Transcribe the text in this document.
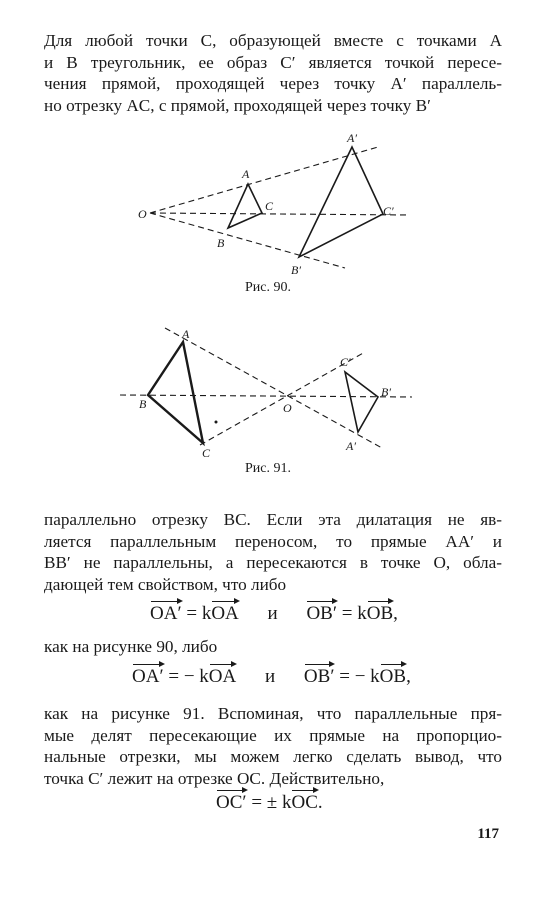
Для любой точки C, образующей вместе с точками A
и B треугольник, ее образ C′ является точкой пересе-
чения прямой, проходящей через точку A′ параллель-
но отрезку AC, с прямой, проходящей через точку B′
O
A
B
C
A′
B′
C′
Рис. 90.
A
B
C
O
C′
B′
A′
Рис. 91.
параллельно отрезку BC. Если эта дилатация не яв-
ляется параллельным переносом, то прямые AA′ и
BB′ не параллельны, а пересекаются в точке O, обла-
дающей тем свойством, что либо
OA′ = kOA и OB′ = kOB,
как на рисунке 90, либо
OA′ = − kOA и OB′ = − kOB,
как на рисунке 91. Вспоминая, что параллельные пря-
мые делят пересекающие их прямые на пропорцио-
нальные отрезки, мы можем легко сделать вывод, что
точка C′ лежит на отрезке OC. Действительно,
OC′ = ± kOC.
117
